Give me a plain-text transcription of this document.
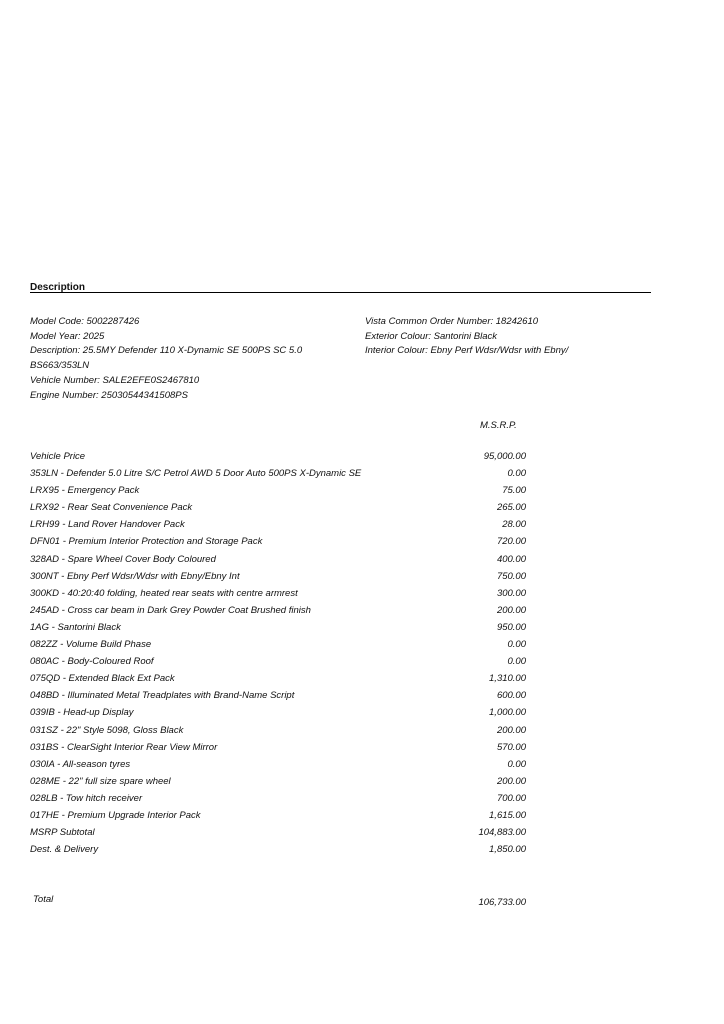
Description
Model Code: 5002287426
Model Year: 2025
Description: 25.5MY Defender 110 X-Dynamic SE 500PS SC 5.0
BS663/353LN
Vehicle Number: SALE2EFE0S2467810
Engine Number: 25030544341508PS
Vista Common Order Number: 18242610
Exterior Colour: Santorini Black
Interior Colour: Ebny Perf Wdsr/Wdsr with Ebny/
M.S.R.P.
Vehicle Price	95,000.00
353LN - Defender 5.0 Litre S/C Petrol AWD 5 Door Auto 500PS X-Dynamic SE	0.00
LRX95 - Emergency Pack	75.00
LRX92 - Rear Seat Convenience Pack	265.00
LRH99 - Land Rover Handover Pack	28.00
DFN01 - Premium Interior Protection and Storage Pack	720.00
328AD - Spare Wheel Cover Body Coloured	400.00
300NT - Ebny Perf Wdsr/Wdsr with Ebny/Ebny Int	750.00
300KD - 40:20:40 folding, heated rear seats with centre armrest	300.00
245AD - Cross car beam in Dark Grey Powder Coat Brushed finish	200.00
1AG - Santorini Black	950.00
082ZZ - Volume Build Phase	0.00
080AC - Body-Coloured Roof	0.00
075QD - Extended Black Ext Pack	1,310.00
048BD - Illuminated Metal Treadplates with Brand-Name Script	600.00
039IB - Head-up Display	1,000.00
031SZ - 22" Style 5098, Gloss Black	200.00
031BS - ClearSight Interior Rear View Mirror	570.00
030IA - All-season tyres	0.00
028ME - 22" full size spare wheel	200.00
028LB - Tow hitch receiver	700.00
017HE - Premium Upgrade Interior Pack	1,615.00
MSRP Subtotal	104,883.00
Dest. & Delivery	1,850.00
Total	106,733.00
